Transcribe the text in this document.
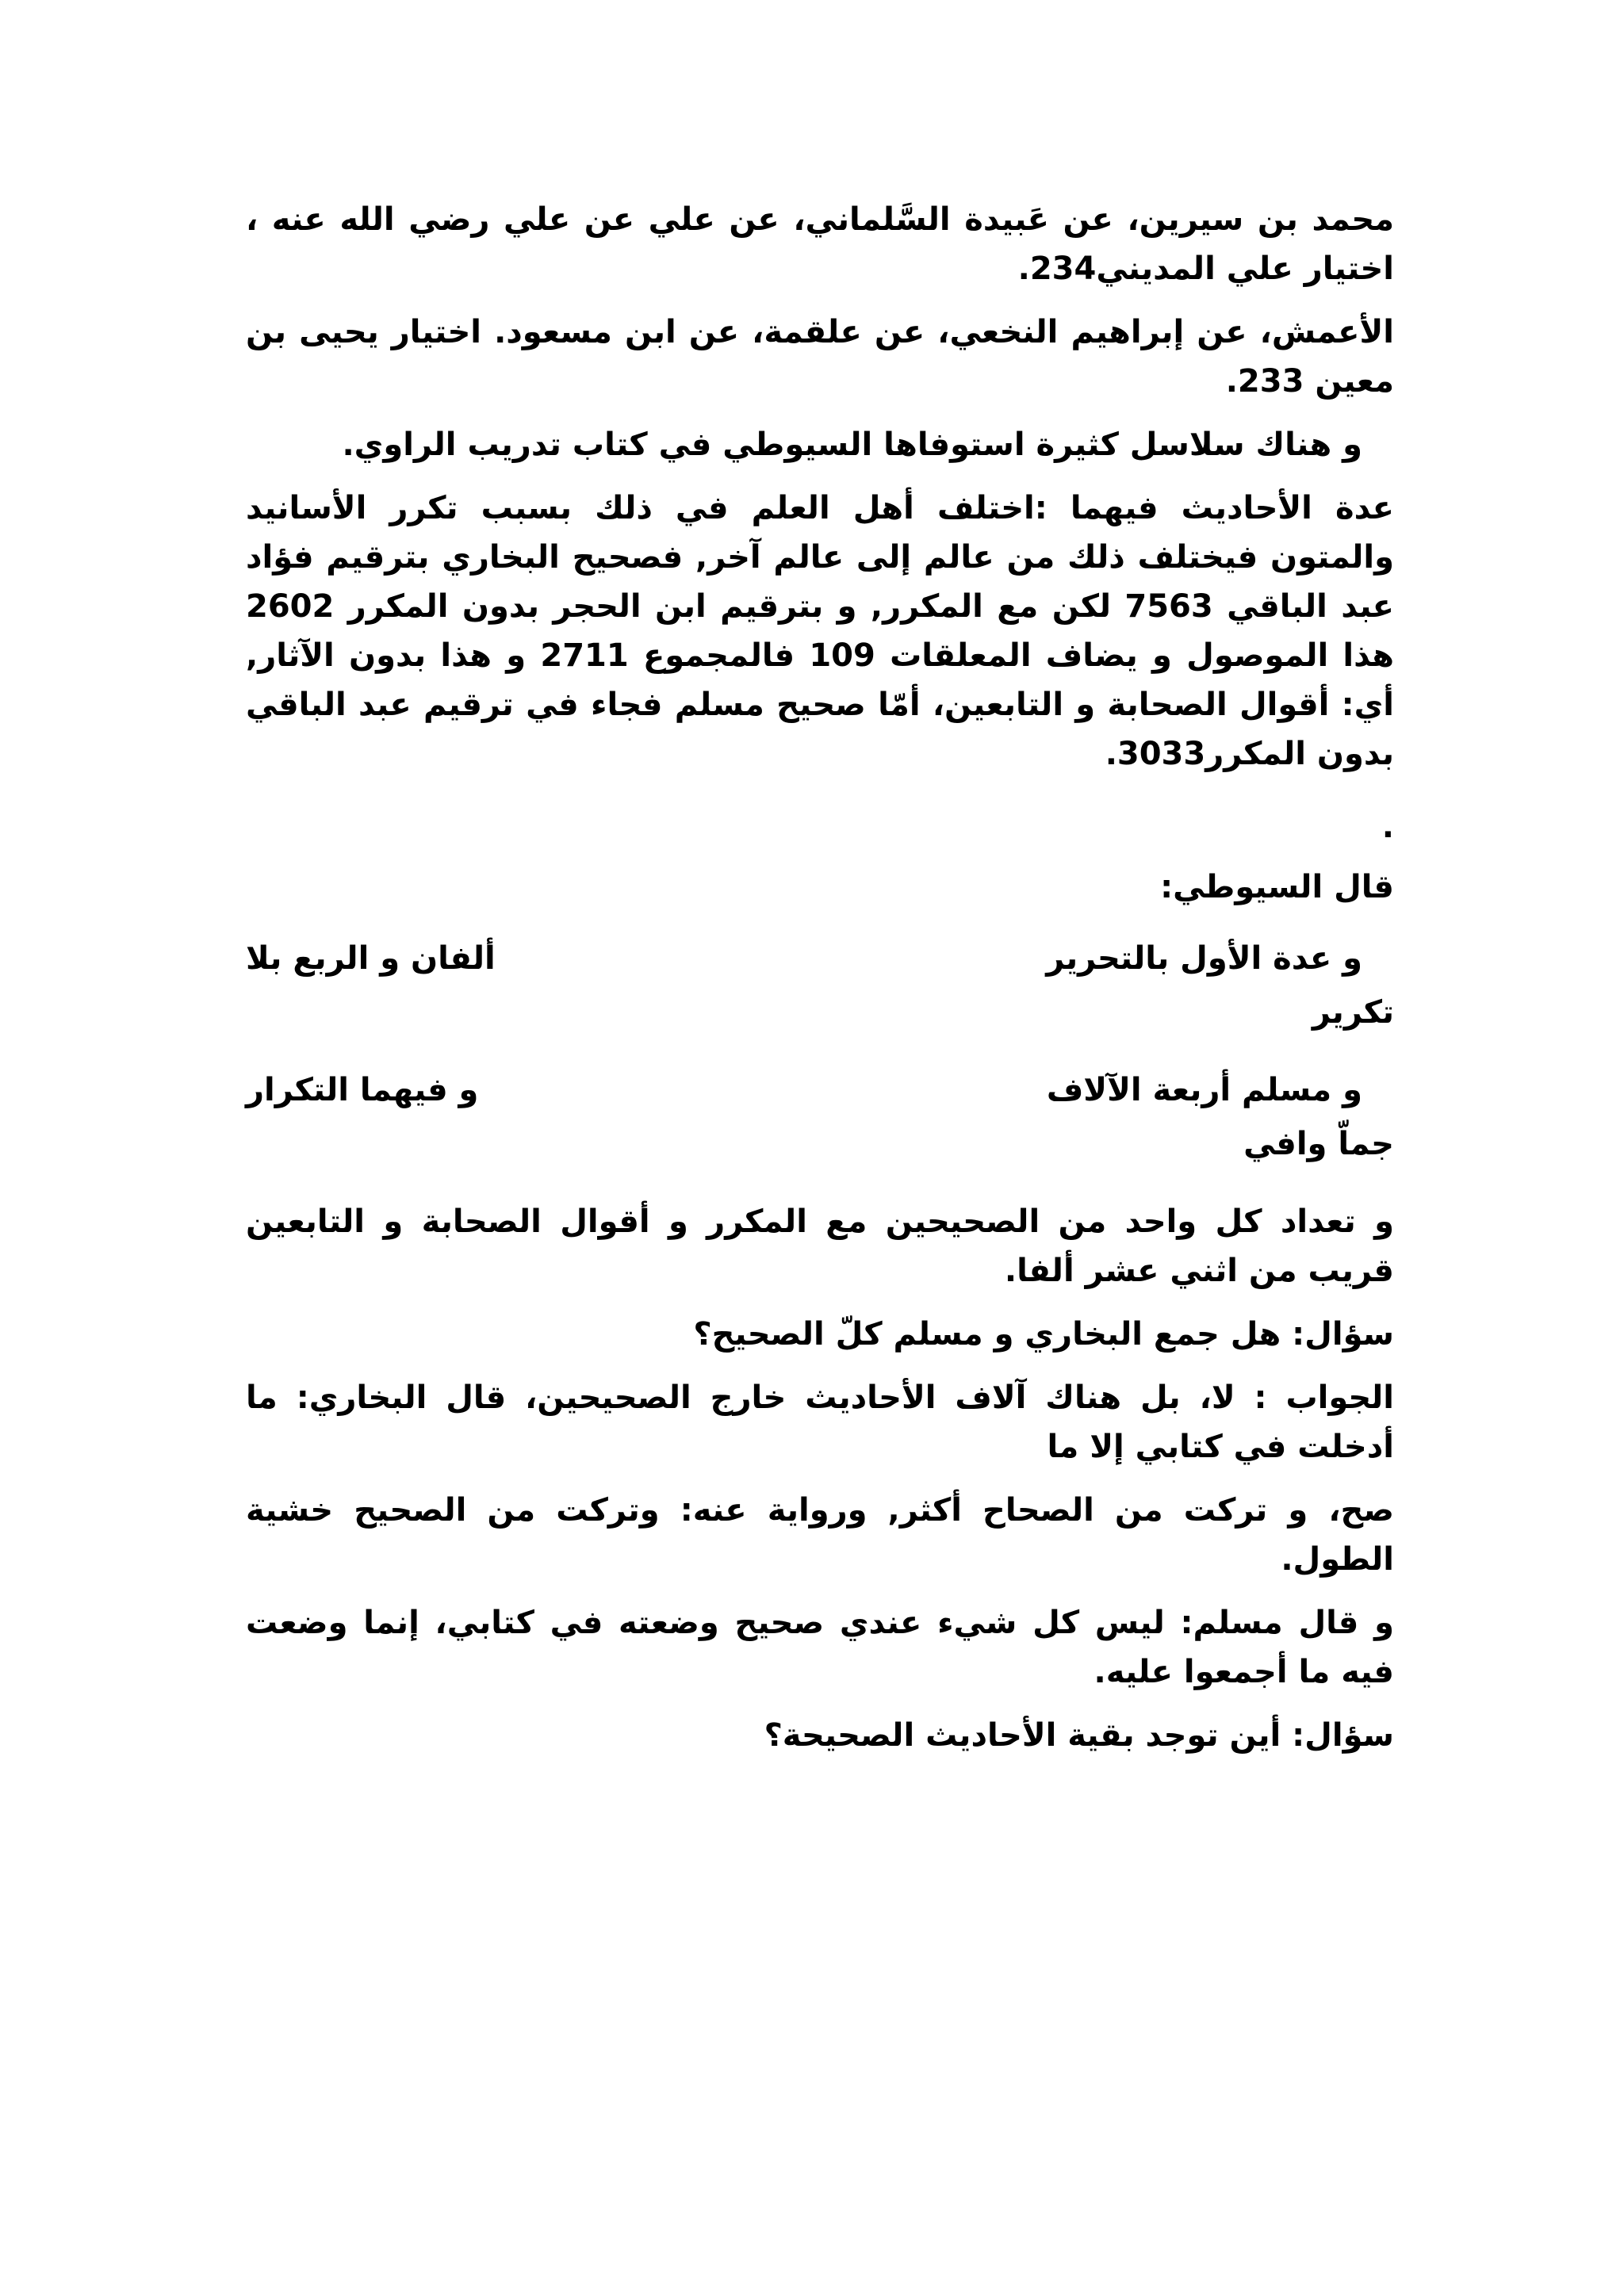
محمد بن سيرين، عن عَبيدة السَّلماني، عن علي عن علي رضي الله عنه ، اختيار علي المديني234.

الأعمش، عن إبراهيم النخعي، عن علقمة، عن ابن مسعود. اختيار يحيى بن معين 233.

و هناك سلاسل كثيرة استوفاها السيوطي في كتاب تدريب الراوي.

عدة الأحاديث فيهما :اختلف أهل العلم في ذلك بسبب تكرر الأسانيد والمتون فيختلف ذلك من عالم إلى عالم آخر, فصحيح البخاري بترقيم فؤاد عبد الباقي 7563 لكن مع المكرر, و بترقيم ابن الحجر بدون المكرر 2602 هذا الموصول و يضاف المعلقات 109 فالمجموع 2711 و هذا بدون الآثار, أي: أقوال الصحابة و التابعين، أمّا صحيح مسلم فجاء في ترقيم عبد الباقي بدون المكرر3033.

.
قال السيوطي:
و عدة الأول بالتحرير
ألفان و الربع بلا
تكرير
و مسلم أربعة الآلاف
و فيهما التكرار
جماّ وافي

و تعداد كل واحد من الصحيحين مع المكرر و أقوال الصحابة و التابعين قريب من اثني عشر ألفا.

سؤال: هل جمع البخاري و مسلم كلّ الصحيح؟

الجواب : لا، بل هناك آلاف الأحاديث خارج الصحيحين، قال البخاري: ما أدخلت في كتابي إلا ما

صح، و تركت من الصحاح أكثر, ورواية عنه: وتركت من الصحيح خشية الطول.

و قال مسلم: ليس كل شيء عندي صحيح وضعته في كتابي، إنما وضعت فيه ما أجمعوا عليه.

سؤال: أين توجد بقية الأحاديث الصحيحة؟
